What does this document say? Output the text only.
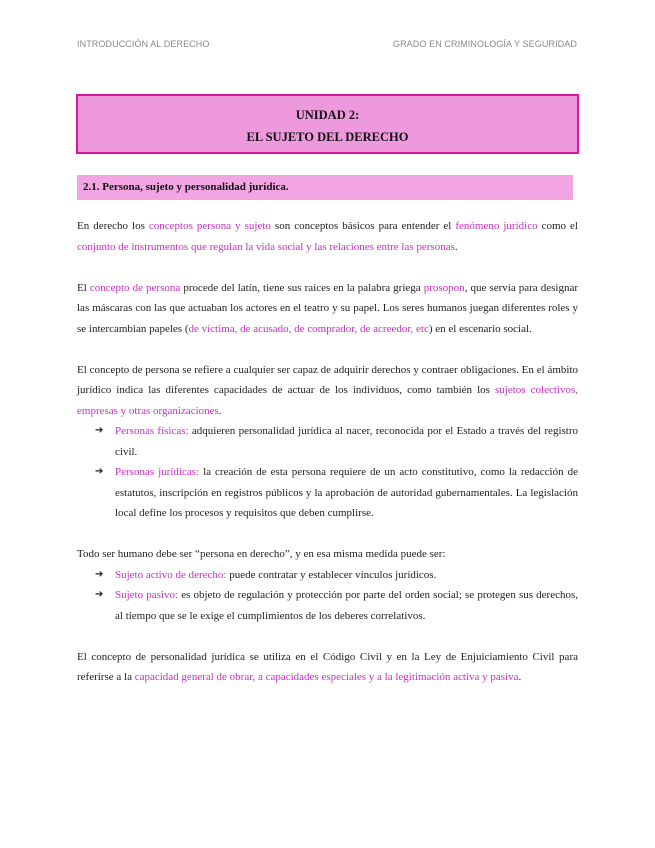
INTRODUCCIÓN AL DERECHO	GRADO EN CRIMINOLOGÍA Y SEGURIDAD
UNIDAD 2:
EL SUJETO DEL DERECHO
2.1. Persona, sujeto y personalidad jurídica.

En derecho los conceptos persona y sujeto son conceptos básicos para entender el fenómeno jurídico como el conjunto de instrumentos que regulan la vida social y las relaciones entre las personas.

El concepto de persona procede del latín, tiene sus raíces en la palabra griega prosopon, que servía para designar las máscaras con las que actuaban los actores en el teatro y su papel. Los seres humanos juegan diferentes roles y se intercambian papeles (de víctima, de acusado, de comprador, de acreedor, etc) en el escenario social.

El concepto de persona se refiere a cualquier ser capaz de adquirir derechos y contraer obligaciones. En el ámbito jurídico indica las diferentes capacidades de actuar de los individuos, como también los sujetos colectivos, empresas y otras organizaciones.

➔ Personas físicas: adquieren personalidad jurídica al nacer, reconocida por el Estado a través del registro civil.
➔ Personas jurídicas: la creación de esta persona requiere de un acto constitutivo, como la redacción de estatutos, inscripción en registros públicos y la aprobación de autoridad gubernamentales. La legislación local define los procesos y requisitos que deben cumplirse.

Todo ser humano debe ser “persona en derecho”, y en esa misma medida puede ser:

➔ Sujeto activo de derecho: puede contratar y establecer vínculos jurídicos.
➔ Sujeto pasivo: es objeto de regulación y protección por parte del orden social; se protegen sus derechos, al tiempo que se le exige el cumplimientos de los deberes correlativos.

El concepto de personalidad jurídica se utiliza en el Código Civil y en la Ley de Enjuiciamiento Civil para referirse a la capacidad general de obrar, a capacidades especiales y a la legitimación activa y pasiva.
